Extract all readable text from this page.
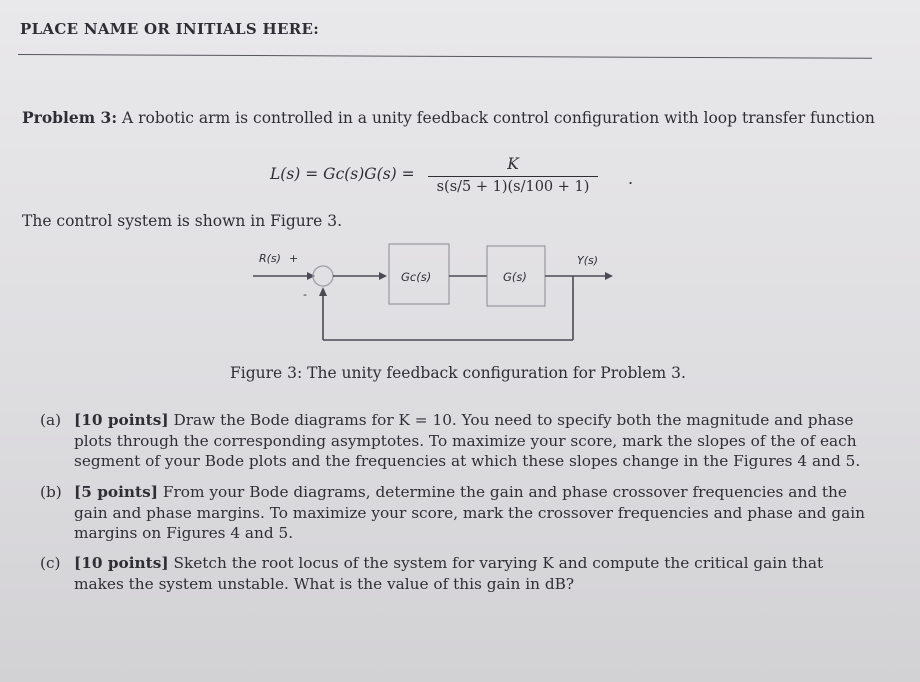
PLACE NAME OR INITIALS HERE:
Problem 3: A robotic arm is controlled in a unity feedback control configuration with loop transfer function
L(s) = Gc(s)G(s) =
K
s(s/5 + 1)(s/100 + 1)	.
The control system is shown in Figure 3.
R(s) +
-
Gc(s)	G(s)
Y(s)
Figure 3: The unity feedback configuration for Problem 3.
(a) [10 points] Draw the Bode diagrams for K = 10. You need to specify both the magnitude and phase plots through the corresponding asymptotes. To maximize your score, mark the slopes of the of each segment of your Bode plots and the frequencies at which these slopes change in the Figures 4 and 5.
(b) [5 points] From your Bode diagrams, determine the gain and phase crossover frequencies and the gain and phase margins. To maximize your score, mark the crossover frequencies and phase and gain margins on Figures 4 and 5.
(c) [10 points] Sketch the root locus of the system for varying K and compute the critical gain that makes the system unstable. What is the value of this gain in dB?
